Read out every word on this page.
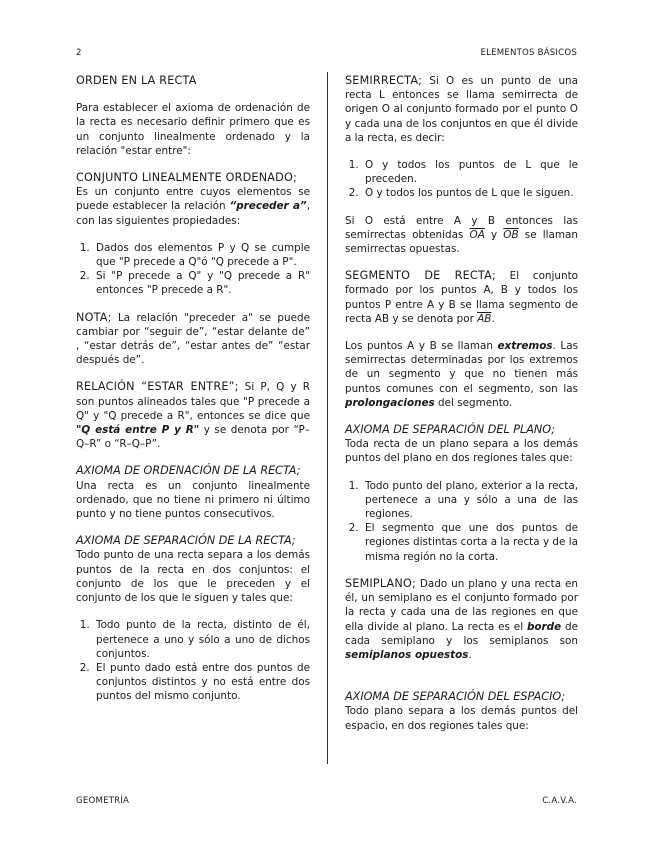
2	ELEMENTOS BÁSICOS

ORDEN EN LA RECTA

Para establecer el axioma de ordenación de la recta es necesario definir primero que es un conjunto linealmente ordenado y la relación "estar entre":

CONJUNTO LINEALMENTE ORDENADO;

Es un conjunto entre cuyos elementos se puede establecer la relación “preceder a”, con las siguientes propiedades:

1. Dados dos elementos P y Q se cumple que "P precede a Q"ó "Q precede a P".
2. Si "P precede a Q" y "Q precede a R" entonces "P precede a R".

NOTA; La relación "preceder a" se puede cambiar por “seguir de”, “estar delante de” , “estar detrás de”, “estar antes de” “estar después de”.

RELACIÓN “ESTAR ENTRE”; Si P, Q y R son puntos alineados tales que "P precede a Q" y "Q precede a R", entonces se dice que "Q está entre P y R" y se denota por “P–Q–R” o “R–Q–P”.

AXIOMA DE ORDENACIÓN DE LA RECTA;

Una recta es un conjunto linealmente ordenado, que no tiene ni primero ni último punto y no tiene puntos consecutivos.

AXIOMA DE SEPARACIÓN DE LA RECTA;

Todo punto de una recta separa a los demás puntos de la recta en dos conjuntos: el conjunto de los que le preceden y el conjunto de los que le siguen y tales que:

1. Todo punto de la recta, distinto de él, pertenece a uno y sólo a uno de dichos conjuntos.
2. El punto dado está entre dos puntos de conjuntos distintos y no está entre dos puntos del mismo conjunto.

SEMIRRECTA; Si O es un punto de una recta L entonces se llama semirrecta de origen O al conjunto formado por el punto O y cada una de los conjuntos en que él divide a la recta, es decir:

1. O y todos los puntos de L que le preceden.
2. O y todos los puntos de L que le siguen.

Si O está entre A y B entonces las semirrectas obtenidas $\overline{OA}$ y $\overline{OB}$ se llaman semirrectas opuestas.

SEGMENTO DE RECTA; El conjunto formado por los puntos A, B y todos los puntos P entre A y B se llama segmento de recta AB y se denota por $\overline{AB}$.

Los puntos A y B se llaman extremos. Las semirrectas determinadas por los extremos de un segmento y que no tienen más puntos comunes con el segmento, son las prolongaciones del segmento.

AXIOMA DE SEPARACIÓN DEL PLANO;

Toda recta de un plano separa a los demás puntos del plano en dos regiones tales que:

1. Todo punto del plano, exterior a la recta, pertenece a una y sólo a una de las regiones.
2. El segmento que une dos puntos de regiones distintas corta a la recta y de la misma región no la corta.

SEMIPLANO; Dado un plano y una recta en él, un semiplano es el conjunto formado por la recta y cada una de las regiones en que ella divide al plano. La recta es el borde de cada semiplano y los semiplanos son semiplanos opuestos.

AXIOMA DE SEPARACIÓN DEL ESPACIO;

Todo plano separa a los demás puntos del espacio, en dos regiones tales que:

GEOMETRÍA	C.A.V.A.
